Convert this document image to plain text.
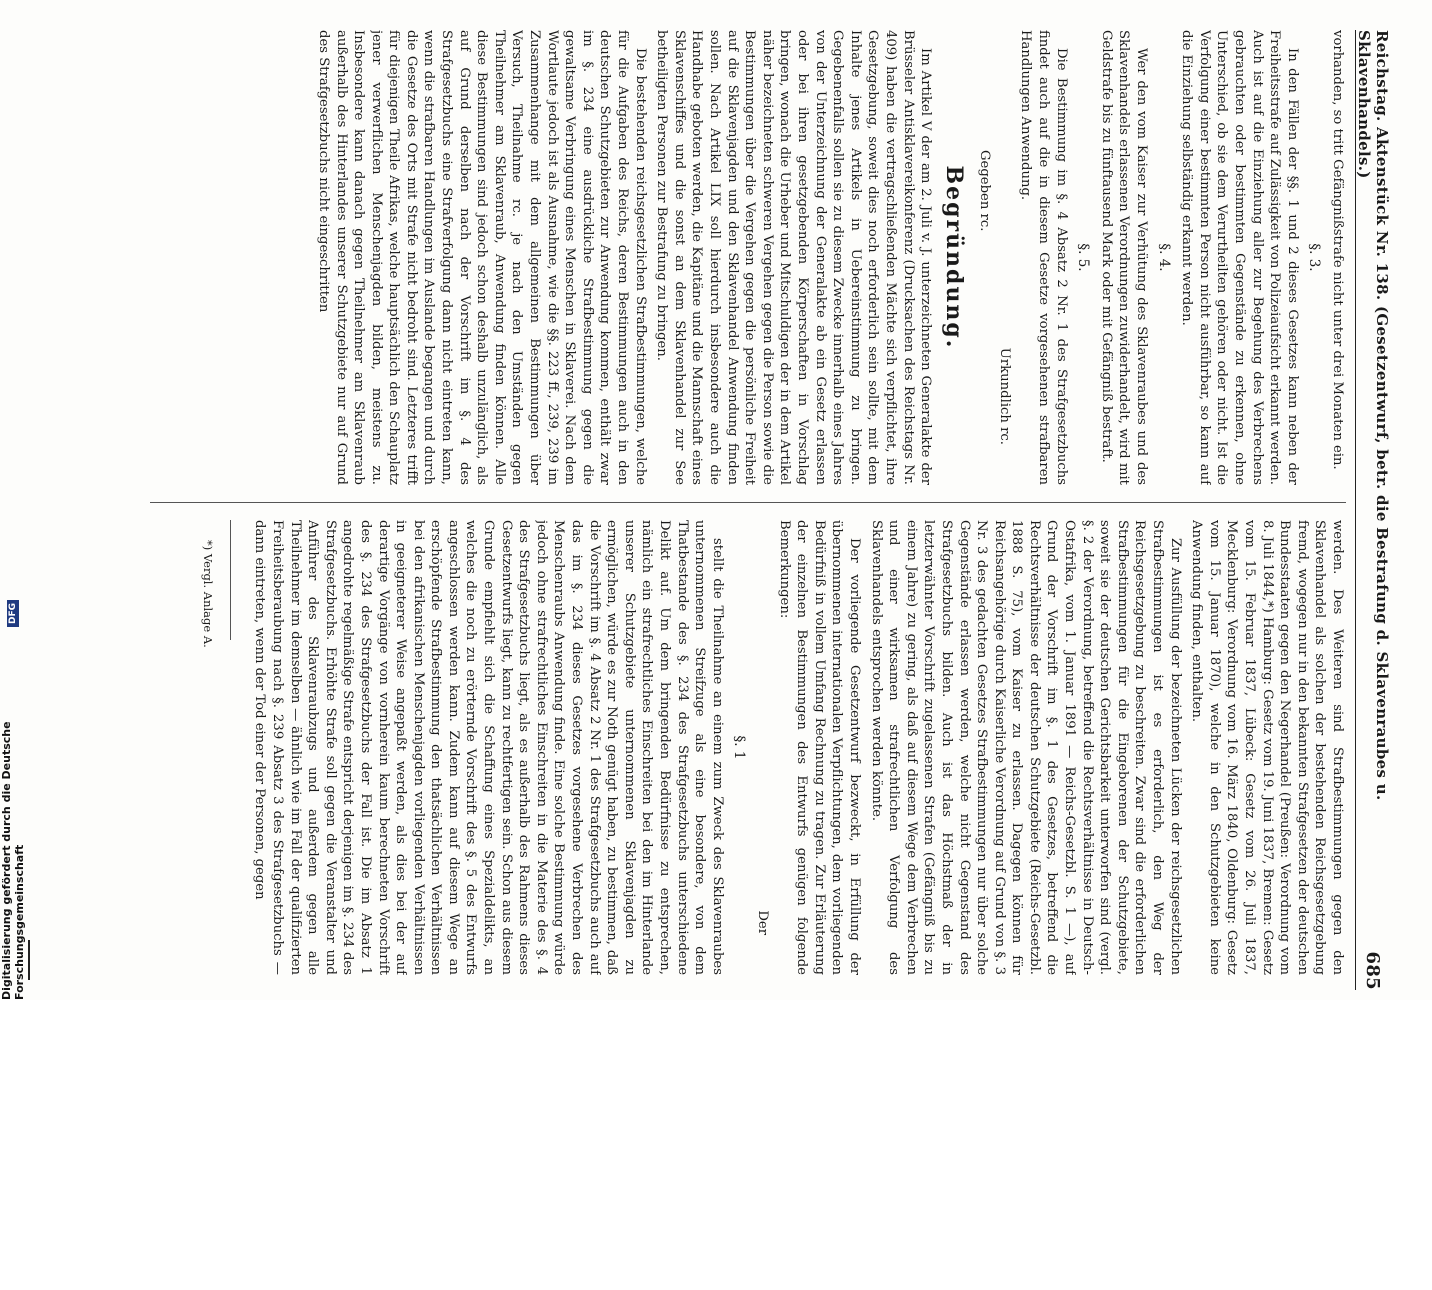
Reichstag. Aktenstück Nr. 138. (Gesetzentwurf, betr. die Bestrafung d. Sklavenraubes u. Sklavenhandels.)
685

vorhanden, so tritt Gefängnißstrafe nicht unter drei Monaten ein.

§. 3.

In den Fällen der §§. 1 und 2 dieses Gesetzes kann neben der Freiheitsstrafe auf Zulässigkeit von Polizeiaufsicht erkannt werden. Auch ist auf die Einziehung aller zur Begehung des Verbrechens gebrauchten oder bestimmten Gegenstände zu erkennen, ohne Unterschied, ob sie dem Verurtheilten gehören oder nicht. Ist die Verfolgung einer bestimmten Person nicht ausführbar, so kann auf die Einziehung selbständig erkannt werden.

§. 4.

Wer den vom Kaiser zur Verhütung des Sklavenraubes und des Sklavenhandels erlassenen Verordnungen zuwiderhandelt, wird mit Geldstrafe bis zu fünftausend Mark oder mit Gefängniß bestraft.

§. 5.

Die Bestimmung im §. 4 Absatz 2 Nr. 1 des Strafgesetzbuchs findet auch auf die in diesem Gesetze vorgesehenen strafbaren Handlungen Anwendung.

Urkundlich rc.
Gegeben rc.
Begründung.

Im Artikel V der am 2. Juli v. J. unterzeichneten Generalakte der Brüsseler Antisklavereikonferenz (Drucksachen des Reichstags Nr. 409) haben die vertragschließenden Mächte sich verpflichtet, ihre Gesetzgebung, soweit dies noch erforderlich sein sollte, mit dem Inhalte jenes Artikels in Uebereinstimmung zu bringen. Gegebenenfalls sollen sie zu diesem Zwecke innerhalb eines Jahres von der Unterzeichnung der Generalakte ab ein Gesetz erlassen oder bei ihren gesetzgebenden Körperschaften in Vorschlag bringen, wonach die Urheber und Mitschuldigen der in dem Artikel näher bezeichneten schweren Vergehen gegen die Person sowie die Bestimmungen über die Vergehen gegen die persönliche Freiheit auf die Sklavenjagden und den Sklavenhandel Anwendung finden sollen. Nach Artikel LIX soll hierdurch insbesondere auch die Handhabe geboten werden, die Kapitäne und die Mannschaft eines Sklavenschiffes und die sonst an dem Sklavenhandel zur See betheiligten Personen zur Bestrafung zu bringen.

Die bestehenden reichsgesetzlichen Strafbestimmungen, welche für die Aufgaben des Reichs, deren Bestimmungen auch in den deutschen Schutzgebieten zur Anwendung kommen, enthält zwar im §. 234 eine ausdrückliche Strafbestimmung gegen die gewaltsame Verbringung eines Menschen in Sklaverei. Nach dem Wortlaute jedoch ist als Ausnahme, wie die §§. 223 ff., 239, 239 im Zusammenhange mit dem allgemeinen Bestimmungen über Versuch, Theilnahme rc. je nach den Umständen gegen Theilnehmer am Sklavenraub, Anwendung finden können. Alle diese Bestimmungen sind jedoch schon deshalb unzulänglich, als auf Grund derselben nach der Vorschrift im §. 4 des Strafgesetzbuchs eine Strafverfolgung dann nicht eintreten kann, wenn die strafbaren Handlungen im Auslande begangen und durch die Gesetze des Orts mit Strafe nicht bedroht sind. Letzteres trifft für diejenigen Theile Afrikas, welche hauptsächlich den Schauplatz jener verwerflichen Menschenjagden bilden, meistens zu. Insbesondere kann danach gegen Theilnehmer am Sklavenraub außerhalb des Hinterlandes unserer Schutzgebiete nur auf Grund des Strafgesetzbuchs nicht eingeschritten

werden. Des Weiteren sind Strafbestimmungen gegen den Sklavenhandel als solchen der bestehenden Reichsgesetzgebung fremd, wogegen nur in den bekannten Strafgesetzen der deutschen Bundesstaaten gegen den Negerhandel (Preußen: Verordnung vom 8. Juli 1844,*) Hamburg: Gesetz vom 19. Juni 1837, Bremen: Gesetz vom 15. Februar 1837, Lübeck: Gesetz vom 26. Juli 1837, Mecklenburg: Verordnung vom 16. März 1840, Oldenburg: Gesetz vom 15. Januar 1870), welche in den Schutzgebieten keine Anwendung finden, enthalten.

Zur Ausfüllung der bezeichneten Lücken der reichsgesetzlichen Strafbestimmungen ist es erforderlich, den Weg der Reichsgesetzgebung zu beschreiten. Zwar sind die erforderlichen Strafbestimmungen für die Eingeborenen der Schutzgebiete, soweit sie der deutschen Gerichtsbarkeit unterworfen sind (vergl. §. 2 der Verordnung, betreffend die Rechtsverhältnisse in Deutsch-Ostafrika, vom 1. Januar 1891 — Reichs-Gesetzbl. S. 1 —), auf Grund der Vorschrift im §. 1 des Gesetzes, betreffend die Rechtsverhältnisse der deutschen Schutzgebiete (Reichs-Gesetzbl. 1888 S. 75), vom Kaiser zu erlassen. Dagegen können für Reichsangehörige durch Kaiserliche Verordnung auf Grund von §. 3 Nr. 3 des gedachten Gesetzes Strafbestimmungen nur über solche Gegenstände erlassen werden, welche nicht Gegenstand des Strafgesetzbuchs bilden. Auch ist das Höchstmaß der in letzterwähnter Vorschrift zugelassenen Strafen (Gefängniß bis zu einem Jahre) zu gering, als daß auf diesem Wege dem Verbrechen und einer wirksamen strafrechtlichen Verfolgung des Sklavenhandels entsprochen werden könnte.

Der vorliegende Gesetzentwurf bezweckt, in Erfüllung der übernommenen internationalen Verpflichtungen, dem vorliegenden Bedürfniß in vollem Umfang Rechnung zu tragen. Zur Erläuterung der einzelnen Bestimmungen des Entwurfs genügen folgende Bemerkungen:

Der
§. 1

stellt die Theilnahme an einem zum Zweck des Sklavenraubes unternommenen Streifzuge als eine besondere, von dem Thatbestande des §. 234 des Strafgesetzbuchs unterschiedene Delikt auf. Um dem bringenden Bedürfnisse zu entsprechen, nämlich ein strafrechtliches Einschreiten bei den im Hinterlande unserer Schutzgebiete unternommenen Sklavenjagden zu ermöglichen, würde es zur Noth genügt haben, zu bestimmen, daß die Vorschrift im §. 4 Absatz 2 Nr. 1 des Strafgesetzbuchs auch auf das im §. 234 dieses Gesetzes vorgesehene Verbrechen des Menschenraubs Anwendung finde. Eine solche Bestimmung würde jedoch ohne strafrechtliches Einschreiten in die Materie des §. 4 des Strafgesetzbuchs liegt, als es außerhalb des Rahmens dieses Gesetzentwurfs liegt, kann zu rechtfertigen sein. Schon aus diesem Grunde empfiehlt sich die Schaffung eines Spezialdelikts, an welches die noch zu erörternde Vorschrift des §. 5 des Entwurfs angeschlossen werden kann. Zudem kann auf diesem Wege an erschöpfende Strafbestimmung den thatsächlichen Verhältnissen bei den afrikanischen Menschenjagden vorliegenden Verhältnissen in geeigneterer Weise angepaßt werden, als dies bei der auf derartige Vorgänge von vornherein kaum berechneten Vorschrift des §. 234 des Strafgesetzbuchs der Fall ist. Die im Absatz 1 angedrohte regelmäßige Strafe entspricht derjenigen im §. 234 des Strafgesetzbuchs. Erhöhte Strafe soll gegen die Veranstalter und Anführer des Sklavenraubzugs und außerdem gegen alle Theilnehmer im demselben — ähnlich wie im Fall der qualifizierten Freiheitsberaubung nach §. 239 Absatz 3 des Strafgesetzbuchs — dann eintreten, wenn der Tod einer der Personen, gegen

*) Vergl. Anlage A.
Digitalisierung gefördert durch die Deutsche Forschungsgemeinschaft
DFG
